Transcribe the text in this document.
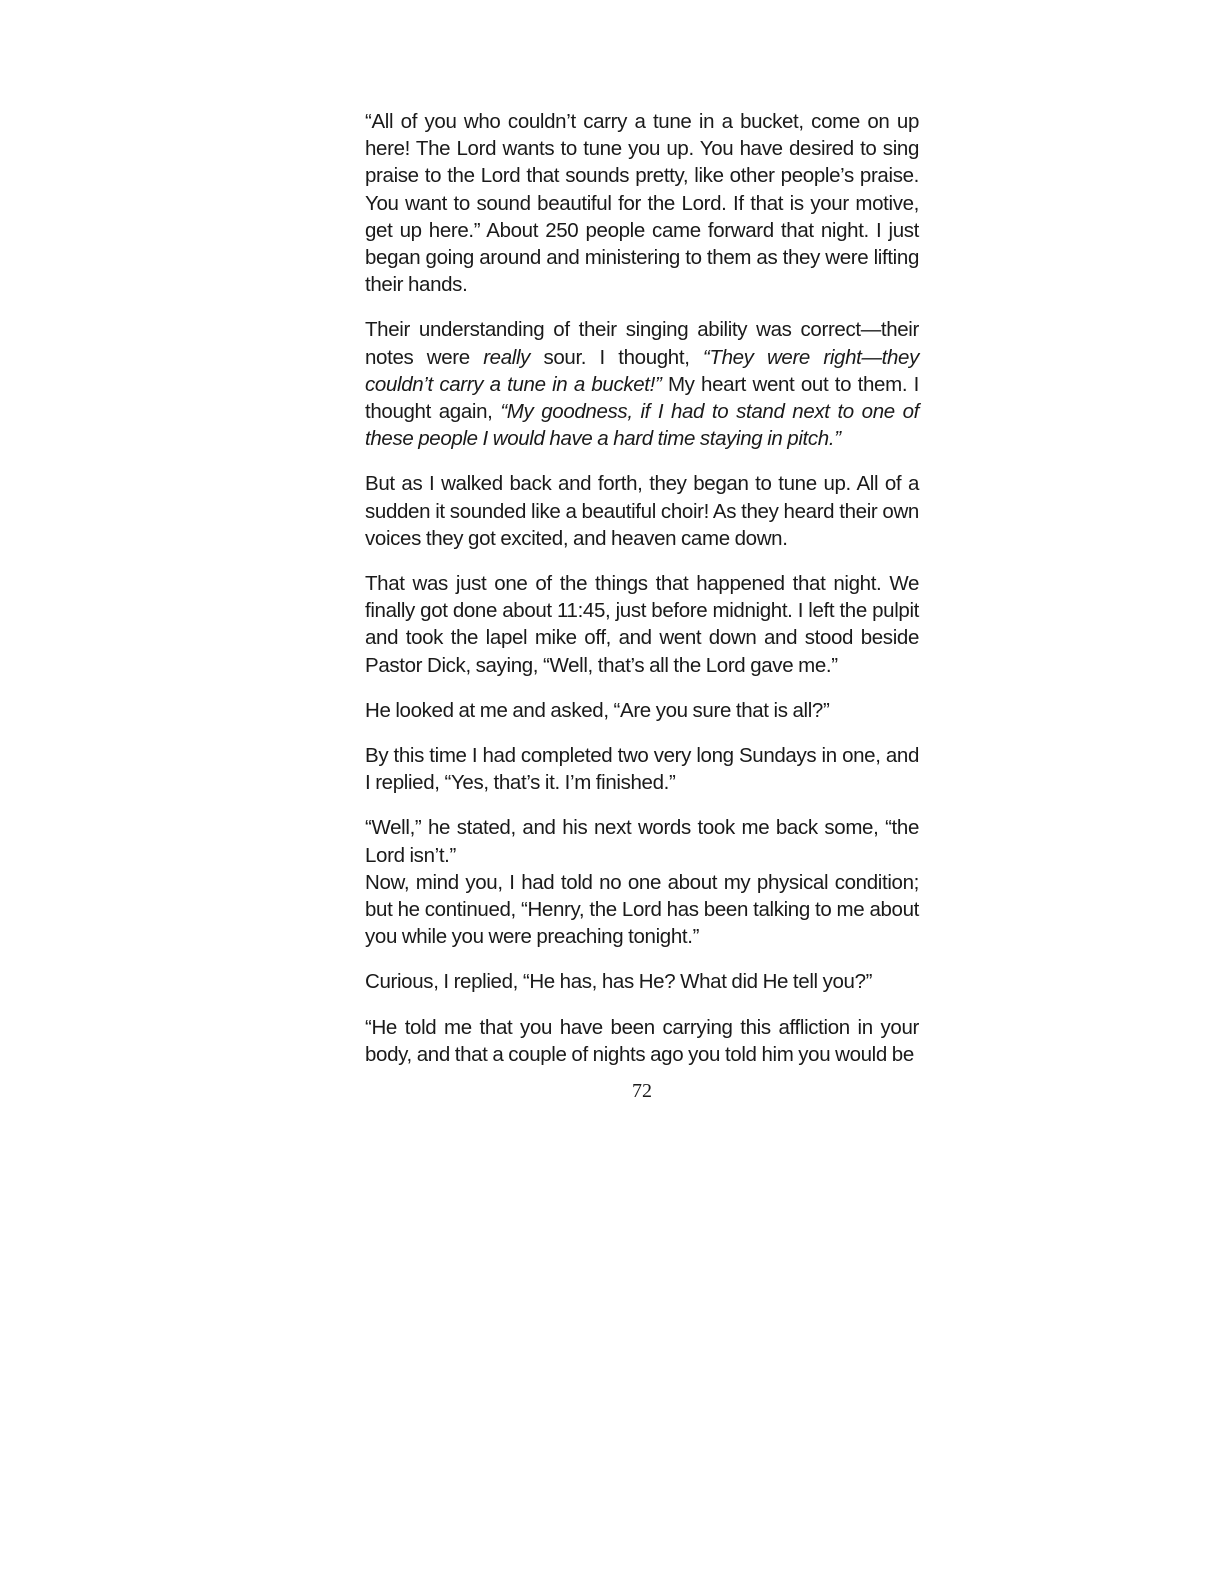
“All of you who couldn’t carry a tune in a bucket, come on up here! The Lord wants to tune you up. You have desired to sing praise to the Lord that sounds pretty, like other people’s praise. You want to sound beautiful for the Lord. If that is your motive, get up here.” About 250 people came forward that night. I just began going around and ministering to them as they were lifting their hands.

Their understanding of their singing ability was correct—their notes were really sour. I thought, “They were right—they couldn’t carry a tune in a bucket!” My heart went out to them. I thought again, “My goodness, if I had to stand next to one of these people I would have a hard time staying in pitch.”

But as I walked back and forth, they began to tune up. All of a sudden it sounded like a beautiful choir! As they heard their own voices they got excited, and heaven came down.

That was just one of the things that happened that night. We finally got done about 11:45, just before midnight. I left the pulpit and took the lapel mike off, and went down and stood beside Pastor Dick, saying, “Well, that’s all the Lord gave me.”

He looked at me and asked, “Are you sure that is all?”

By this time I had completed two very long Sundays in one, and I replied, “Yes, that’s it. I’m finished.”

“Well,” he stated, and his next words took me back some, “the Lord isn’t.”

Now, mind you, I had told no one about my physical condition; but he continued, “Henry, the Lord has been talking to me about you while you were preaching tonight.”

Curious, I replied, “He has, has He? What did He tell you?”

“He told me that you have been carrying this affliction in your body, and that a couple of nights ago you told him you would be

72
